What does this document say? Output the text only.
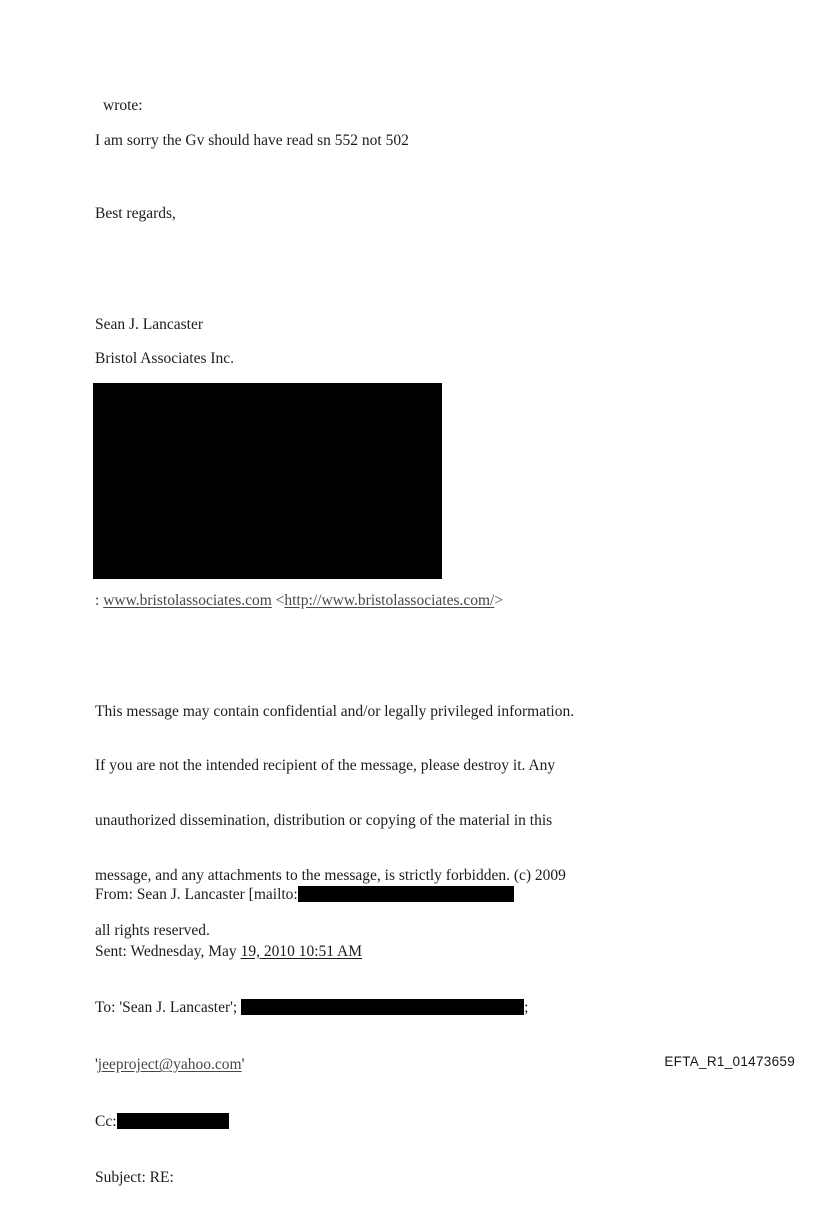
wrote:
I am sorry the Gv should have read sn 552 not 502
Best regards,
Sean J. Lancaster
Bristol Associates Inc.
: www.bristolassociates.com <http://www.bristolassociates.com/>

This message may contain confidential and/or legally privileged information.

If you are not the intended recipient of the message, please destroy it. Any

unauthorized dissemination, distribution or copying of the material in this

message, and any attachments to the message, is strictly forbidden. (c) 2009

all rights reserved.

From: Sean J. Lancaster [mailto:

Sent: Wednesday, May 19, 2010 10:51 AM

To: 'Sean J. Lancaster';	;

'jeeproject@yahoo.com'

Cc:

Subject: RE:

EFTA_R1_01473659
